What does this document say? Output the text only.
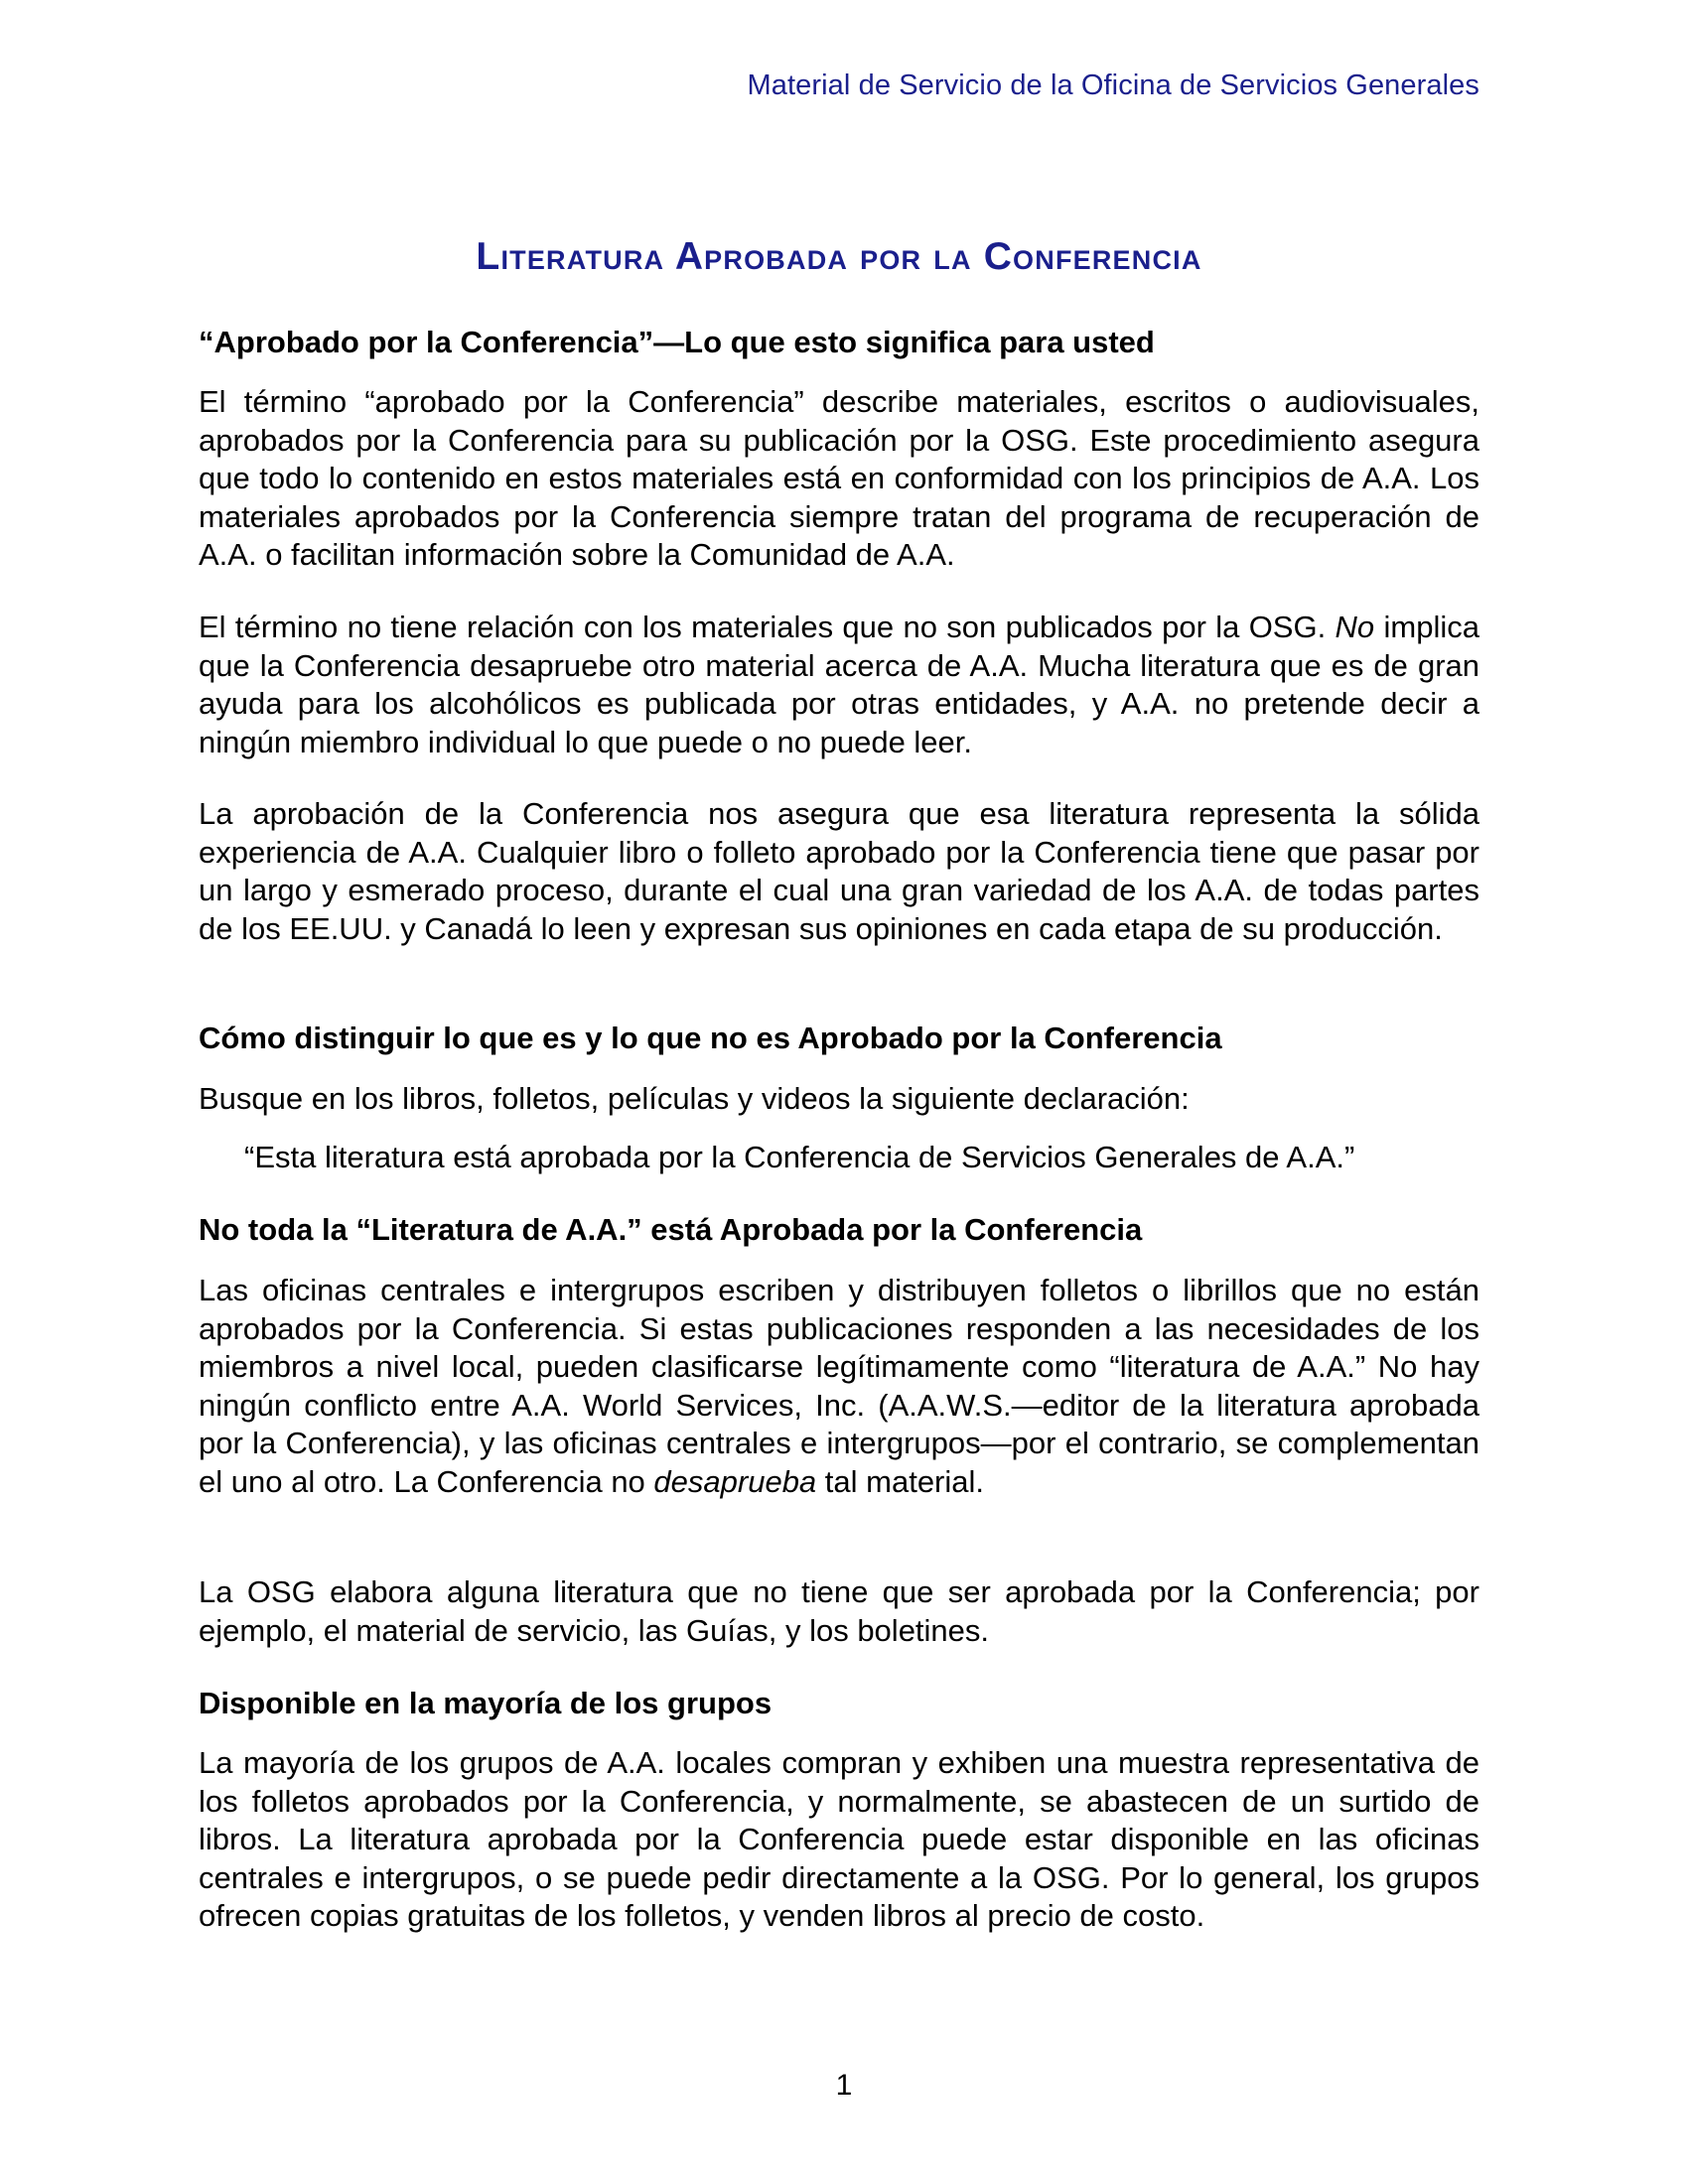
Material de Servicio de la Oficina de Servicios Generales
Literatura Aprobada por la Conferencia

“Aprobado por la Conferencia”—Lo que esto significa para usted

El término “aprobado por la Conferencia” describe materiales, escritos o audiovisuales, aprobados por la Conferencia para su publicación por la OSG. Este procedimiento asegura que todo lo contenido en estos materiales está en conformidad con los principios de A.A. Los materiales aprobados por la Conferencia siempre tratan del programa de recuperación de A.A. o facilitan información sobre la Comunidad de A.A.

El término no tiene relación con los materiales que no son publicados por la OSG. No implica que la Conferencia desapruebe otro material acerca de A.A. Mucha literatura que es de gran ayuda para los alcohólicos es publicada por otras entidades, y A.A. no pretende decir a ningún miembro individual lo que puede o no puede leer.

La aprobación de la Conferencia nos asegura que esa literatura representa la sólida experiencia de A.A. Cualquier libro o folleto aprobado por la Conferencia tiene que pasar por un largo y esmerado proceso, durante el cual una gran variedad de los A.A. de todas partes de los EE.UU. y Canadá lo leen y expresan sus opiniones en cada etapa de su producción.

Cómo distinguir lo que es y lo que no es Aprobado por la Conferencia

Busque en los libros, folletos, películas y videos la siguiente declaración:

“Esta literatura está aprobada por la Conferencia de Servicios Generales de A.A.”

No toda la “Literatura de A.A.” está Aprobada por la Conferencia

Las oficinas centrales e intergrupos escriben y distribuyen folletos o librillos que no están aprobados por la Conferencia. Si estas publicaciones responden a las necesidades de los miembros a nivel local, pueden clasificarse legítimamente como “literatura de A.A.” No hay ningún conflicto entre A.A. World Services, Inc. (A.A.W.S.—editor de la literatura aprobada por la Conferencia), y las oficinas centrales e intergrupos—por el contrario, se complementan el uno al otro. La Conferencia no desaprueba tal material.

La OSG elabora alguna literatura que no tiene que ser aprobada por la Conferencia; por ejemplo, el material de servicio, las Guías, y los boletines.

Disponible en la mayoría de los grupos

La mayoría de los grupos de A.A. locales compran y exhiben una muestra representativa de los folletos aprobados por la Conferencia, y normalmente, se abastecen de un surtido de libros. La literatura aprobada por la Conferencia puede estar disponible en las oficinas centrales e intergrupos, o se puede pedir directamente a la OSG. Por lo general, los grupos ofrecen copias gratuitas de los folletos, y venden libros al precio de costo.

1
